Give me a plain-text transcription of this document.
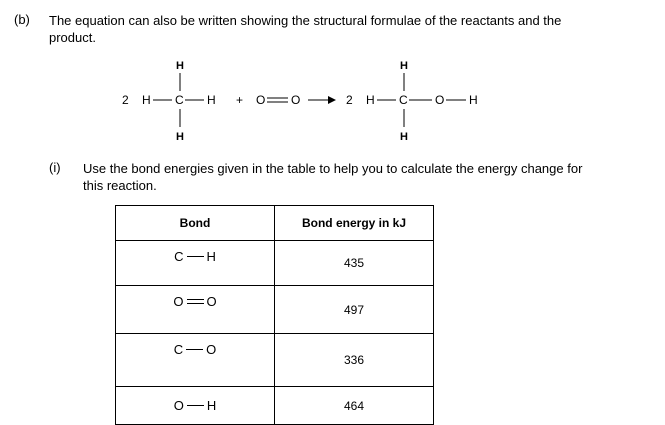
(b) The equation can also be written showing the structural formulae of the reactants and the product.
H
2 H C H
H
+ O O
H
2 H C O H
H
(i) Use the bond energies given in the table to help you to calculate the energy change for this reaction.
Bond	Bond energy in kJ

C H	435

O O	497

C O	336

O H	464
